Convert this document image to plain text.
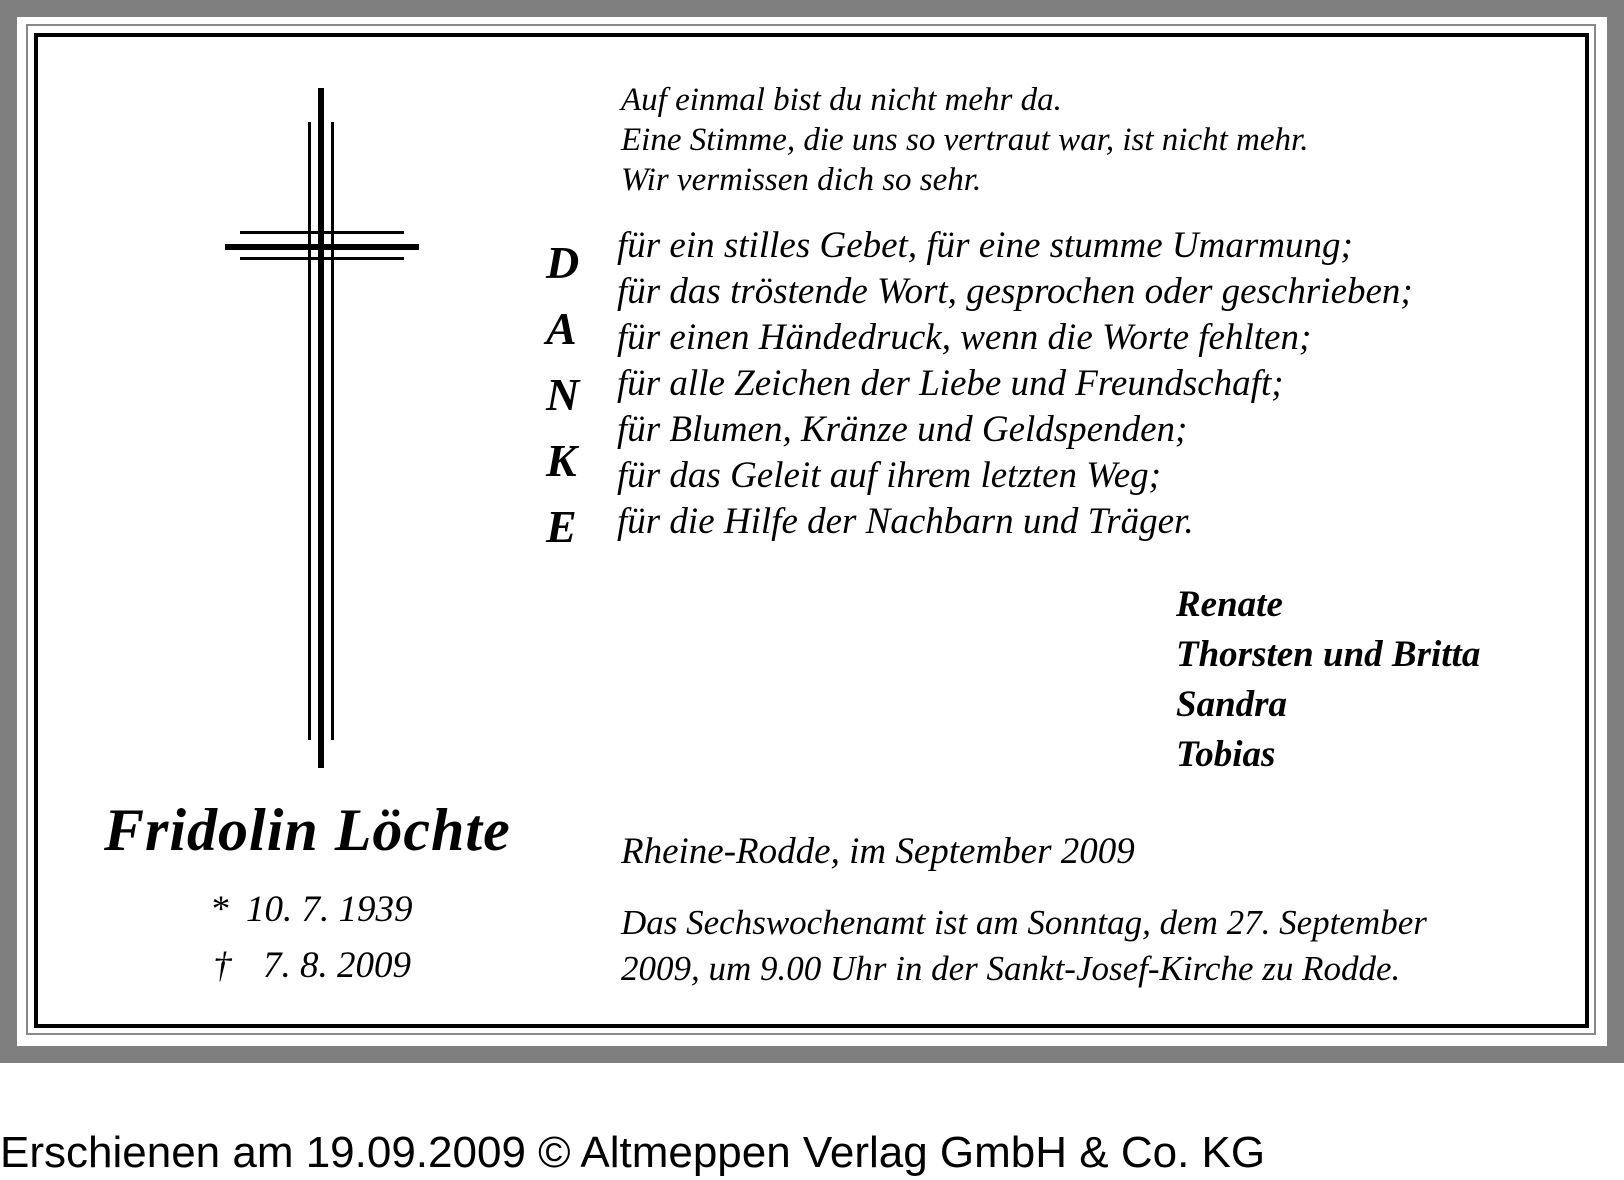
Auf einmal bist du nicht mehr da.
Eine Stimme, die uns so vertraut war, ist nicht mehr.
Wir vermissen dich so sehr.
D
A
N
K
E
für ein stilles Gebet, für eine stumme Umarmung;
für das tröstende Wort, gesprochen oder geschrieben;
für einen Händedruck, wenn die Worte fehlten;
für alle Zeichen der Liebe und Freundschaft;
für Blumen, Kränze und Geldspenden;
für das Geleit auf ihrem letzten Weg;
für die Hilfe der Nachbarn und Träger.
Renate
Thorsten und Britta
Sandra
Tobias
Fridolin Löchte
* 10. 7. 1939
† 7. 8. 2009
Rheine-Rodde, im September 2009
Das Sechswochenamt ist am Sonntag, dem 27. September
2009, um 9.00 Uhr in der Sankt-Josef-Kirche zu Rodde.
Erschienen am 19.09.2009 © Altmeppen Verlag GmbH & Co. KG
